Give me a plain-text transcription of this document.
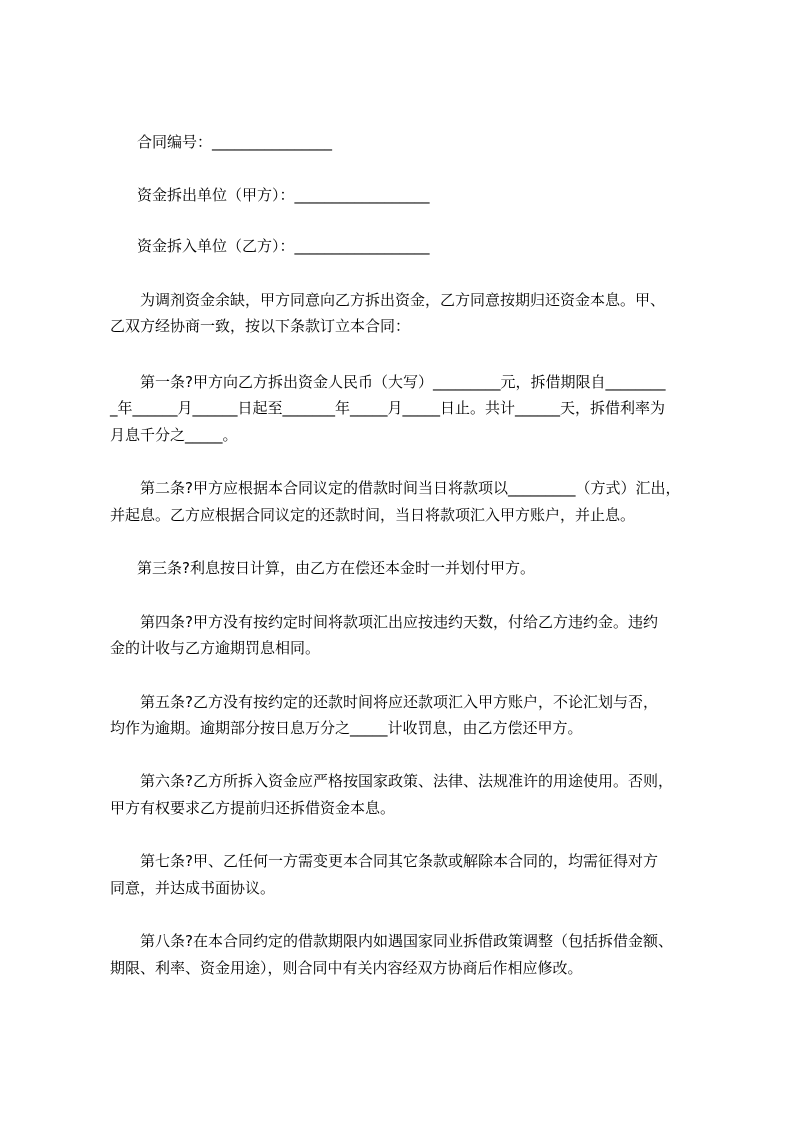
合同编号：________________
资金拆出单位（甲方）：__________________
资金拆入单位（乙方）：__________________
为调剂资金余缺，甲方同意向乙方拆出资金，乙方同意按期归还资金本息。甲、
乙双方经协商一致，按以下条款订立本合同：
第一条?甲方向乙方拆出资金人民币（大写）_________元，拆借期限自________
_年______月______日起至_______年_____月_____日止。共计______天，拆借利率为
月息千分之_____。
第二条?甲方应根据本合同议定的借款时间当日将款项以_________（方式）汇出，
并起息。乙方应根据合同议定的还款时间，当日将款项汇入甲方账户，并止息。
第三条?利息按日计算，由乙方在偿还本金时一并划付甲方。
第四条?甲方没有按约定时间将款项汇出应按违约天数，付给乙方违约金。违约
金的计收与乙方逾期罚息相同。
第五条?乙方没有按约定的还款时间将应还款项汇入甲方账户，不论汇划与否，
均作为逾期。逾期部分按日息万分之_____计收罚息，由乙方偿还甲方。
第六条?乙方所拆入资金应严格按国家政策、法律、法规准许的用途使用。否则，
甲方有权要求乙方提前归还拆借资金本息。
第七条?甲、乙任何一方需变更本合同其它条款或解除本合同的，均需征得对方
同意，并达成书面协议。
第八条?在本合同约定的借款期限内如遇国家同业拆借政策调整（包括拆借金额、
期限、利率、资金用途），则合同中有关内容经双方协商后作相应修改。
